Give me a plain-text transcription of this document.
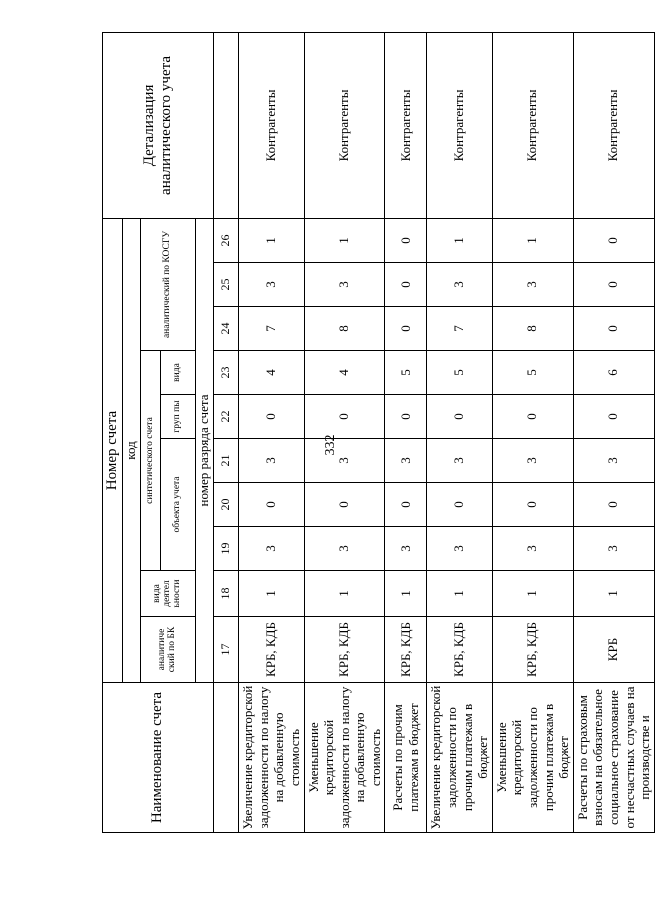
332
Наименование счета	Номер счета										Детализация аналитического учета
	код										
	аналитиче ский по БК	вида деятел ьности	синтетического счета					аналитический по КОСГУ			
			объекта учета			груп пы	вида				

	номер разряда счета										
	17	18	19	20	21	22	23	24	25	26	
Увеличение кредиторской задолженности по налогу на добавленную стоимость	КРБ, КДБ	1	3	0	3	0	4	7	3	1	Контрагенты
Уменьшение кредиторской задолженности по налогу на добавленную стоимость	КРБ, КДБ	1	3	0	3	0	4	8	3	1	Контрагенты
Расчеты по прочим платежам в бюджет	КРБ, КДБ	1	3	0	3	0	5	0	0	0	Контрагенты
Увеличение кредиторской задолженности по прочим платежам в бюджет	КРБ, КДБ	1	3	0	3	0	5	7	3	1	Контрагенты
Уменьшение кредиторской задолженности по прочим платежам в бюджет	КРБ, КДБ	1	3	0	3	0	5	8	3	1	Контрагенты
Расчеты по страховым взносам на обязательное социальное страхование от несчастных случаев на производстве и	КРБ	1	3	0	3	0	6	0	0	0	Контрагенты
